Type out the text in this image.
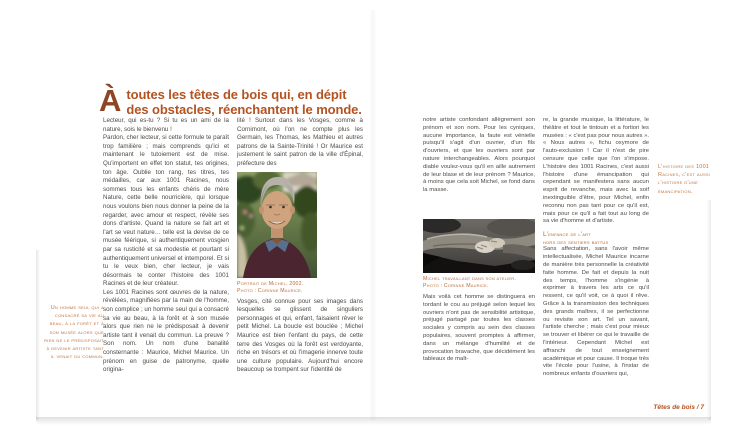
À toutes les têtes de bois qui, en dépit
des obstacles, réenchantent le monde.
Un homme seul qui a consacré sa vie au beau, à la forêt et à son musée alors que rien ne le prédisposait à devenir artiste tant il venait du commun.

Lecteur, qui es-tu ? Si tu es un ami de la nature, sois le bienvenu !

Pardon, cher lecteur, si cette formule te paraît trop familière ; mais comprends qu'ici et maintenant le tutoiement est de mise. Qu'importent en effet ton statut, tes origines, ton âge. Oublie ton rang, tes titres, tes médailles, car aux 1001 Racines, nous sommes tous les enfants chéris de mère Nature, cette belle nourricière, qui lorsque nous voulons bien nous donner la peine de la regarder, avec amour et respect, révèle ses dons d'artiste. Quand la nature se fait art et l'art se veut nature… telle est la devise de ce musée féérique, si authentiquement vosgien par sa rusticité et sa modestie et pourtant si authentiquement universel et intemporel. Et si tu le veux bien, cher lecteur, je vais désormais te conter l'histoire des 1001 Racines et de leur créateur.

Les 1001 Racines sont œuvres de la nature, révélées, magnifiées par la main de l'homme, son complice ; un homme seul qui a consacré sa vie au beau, à la forêt et à son musée alors que rien ne le prédisposait à devenir artiste tant il venait du commun. La preuve ? Son nom. Un nom d'une banalité consternante : Maurice, Michel Maurice. Un prénom en guise de patronyme, quelle origina-

lité ! Surtout dans les Vosges, comme à Cornimont, où l'on ne compte plus les Germain, les Thomas, les Mathieu et autres patrons de la Sainte-Trinité ! Or Maurice est justement le saint patron de la ville d'Épinal, préfecture des

Portrait de Michel, 2002.
Photo : Corinne Maurice.

Vosges, cité connue pour ses images dans lesquelles se glissent de singuliers personnages et qui, enfant, faisaient rêver le petit Michel. La boucle est bouclée ; Michel Maurice est bien l'enfant du pays, de cette terre des Vosges où la forêt est verdoyante, riche en trésors et où l'imagerie innerve toute une culture populaire. Aujourd'hui encore beaucoup se trompent sur l'identité de

notre artiste confondant allègrement son prénom et son nom. Pour les cyniques, aucune importance, la faute est vénielle puisqu'il s'agit d'un ouvrier, d'un fils d'ouvriers, et que les ouvriers sont par nature interchangeables. Alors pourquoi diable voulez-vous qu'il en aille autrement de leur blase et de leur prénom ? Maurice, à moins que cela soit Michel, se fond dans la masse.

Michel travaillant dans son atelier.
Photo : Corinne Maurice.

Mais voilà cet homme se distinguera en tordant le cou au préjugé selon lequel les ouvriers n'ont pas de sensibilité artistique, préjugé partagé par toutes les classes sociales y compris au sein des classes populaires, souvent promptes à affirmer, dans un mélange d'humilité et de provocation bravache, que décidément les tableaux de maît-

re, la grande musique, la littérature, le théâtre et tout le tintouin et a fortiori les musées : « c'est pas pour nous autres ». « Nous autres », fichu oxymore de l'auto-exclusion ! Car il n'est de pire censure que celle que l'on s'impose. L'histoire des 1001 Racines, c'est aussi l'histoire d'une émancipation qui cependant se manifestera sans aucun esprit de revanche, mais avec la soif inextinguible d'être, pour Michel, enfin reconnu non pas tant pour ce qu'il est, mais pour ce qu'il a fait tout au long de sa vie d'homme et d'artiste.

L'enfance de l'art
hors des sentiers battus

Sans affectation, sans l'avoir même intellectualisée, Michel Maurice incarne de manière très personnelle la créativité faite homme. De fait et depuis la nuit des temps, l'homme s'ingénie à exprimer à travers les arts ce qu'il ressent, ce qu'il voit, ce à quoi il rêve. Grâce à la transmission des techniques des grands maîtres, il se perfectionne ou revisite son art. Tel un savant, l'artiste cherche ; mais c'est pour mieux se trouver et libérer ce qui le travaille de l'intérieur. Cependant Michel est affranchi de tout enseignement académique et pour cause. Il troque très vite l'école pour l'usine, à l'instar de nombreux enfants d'ouvriers qui,

L'histoire des 1001 Racines, c'est aussi l'histoire d'une émancipation.
Têtes de bois / 7
